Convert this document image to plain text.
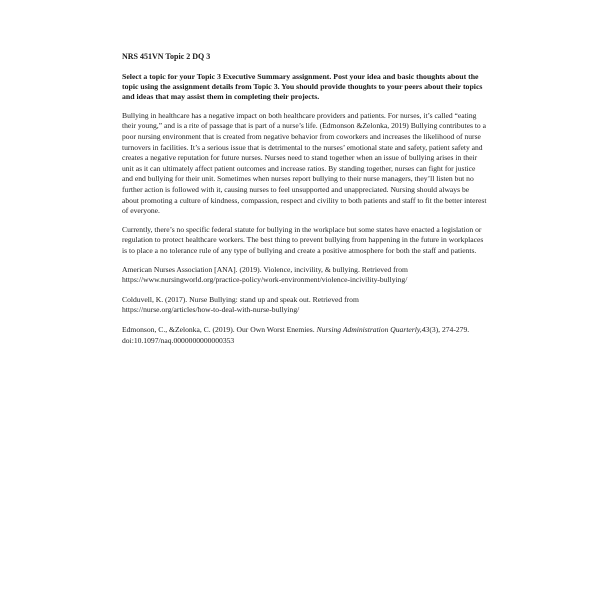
NRS 451VN Topic 2 DQ 3
Select a topic for your Topic 3 Executive Summary assignment. Post your idea and basic thoughts about the topic using the assignment details from Topic 3. You should provide thoughts to your peers about their topics and ideas that may assist them in completing their projects.
Bullying in healthcare has a negative impact on both healthcare providers and patients. For nurses, it’s called “eating their young,” and is a rite of passage that is part of a nurse’s life. (Edmonson &Zelonka, 2019) Bullying contributes to a poor nursing environment that is created from negative behavior from coworkers and increases the likelihood of nurse turnovers in facilities. It’s a serious issue that is detrimental to the nurses’ emotional state and safety, patient safety and creates a negative reputation for future nurses. Nurses need to stand together when an issue of bullying arises in their unit as it can ultimately affect patient outcomes and increase ratios. By standing together, nurses can fight for justice and end bullying for their unit. Sometimes when nurses report bullying to their nurse managers, they’ll listen but no further action is followed with it, causing nurses to feel unsupported and unappreciated. Nursing should always be about promoting a culture of kindness, compassion, respect and civility to both patients and staff to fit the better interest of everyone.
Currently, there’s no specific federal statute for bullying in the workplace but some states have enacted a legislation or regulation to protect healthcare workers. The best thing to prevent bullying from happening in the future in workplaces is to place a no tolerance rule of any type of bullying and create a positive atmosphere for both the staff and patients.
American Nurses Association [ANA]. (2019). Violence, incivility, & bullying. Retrieved from
https://www.nursingworld.org/practice-policy/work-environment/violence-incivility-bullying/
Colduvell, K. (2017). Nurse Bullying: stand up and speak out. Retrieved from
https://nurse.org/articles/how-to-deal-with-nurse-bullying/
Edmonson, C., &Zelonka, C. (2019). Our Own Worst Enemies. Nursing Administration Quarterly,43(3), 274-279. doi:10.1097/naq.0000000000000353
